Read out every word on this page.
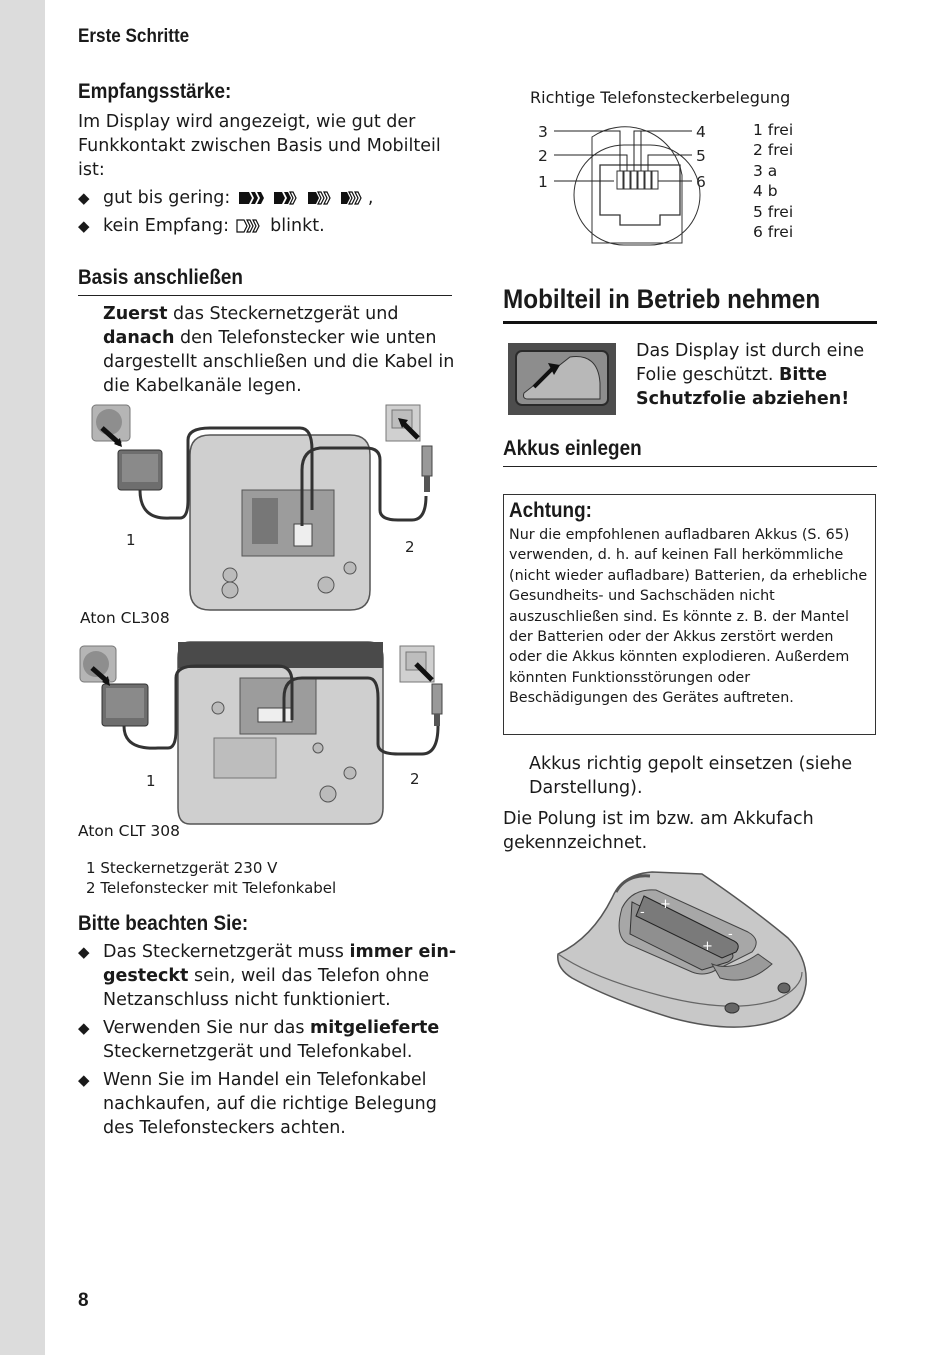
Erste Schritte
Empfangsstärke:
Im Display wird angezeigt, wie gut der Funkkontakt zwischen Basis und Mobilteil ist:
◆ gut bis gering:	,
◆ kein Empfang: blinkt.
Basis anschließen
Zuerst das Steckernetzgerät und danach den Telefonstecker wie unten dargestellt anschließen und die Kabel in die Kabelkanäle legen.
1	2
Aton CL308
1	2
Aton CLT 308
1 Steckernetzgerät 230 V
2 Telefonstecker mit Telefonkabel
Bitte beachten Sie:
◆ Das Steckernetzgerät muss immer eingesteckt sein, weil das Telefon ohne Netzanschluss nicht funktioniert.
◆ Verwenden Sie nur das mitgelieferte Steckernetzgerät und Telefonkabel.
◆ Wenn Sie im Handel ein Telefonkabel nachkaufen, auf die richtige Belegung des Telefonsteckers achten.
8
Richtige Telefonsteckerbelegung
3
2
1
4
5
6
1 frei
2 frei
3 a
4 b
5 frei
6 frei
Mobilteil in Betrieb nehmen
Das Display ist durch eine Folie geschützt. Bitte Schutzfolie abziehen!
Akkus einlegen
Achtung:
Nur die empfohlenen aufladbaren Akkus (S. 65) verwenden, d. h. auf keinen Fall herkömmliche (nicht wieder aufladbare) Batterien, da erhebliche Gesundheits- und Sachschäden nicht auszuschließen sind. Es könnte z. B. der Mantel der Batterien oder der Akkus zerstört werden oder die Akkus könnten explodieren. Außerdem könnten Funktionsstörungen oder Beschädigungen des Gerätes auftreten.
Akkus richtig gepolt einsetzen (siehe Darstellung).
Die Polung ist im bzw. am Akkufach gekennzeichnet.
-
+
+
-
